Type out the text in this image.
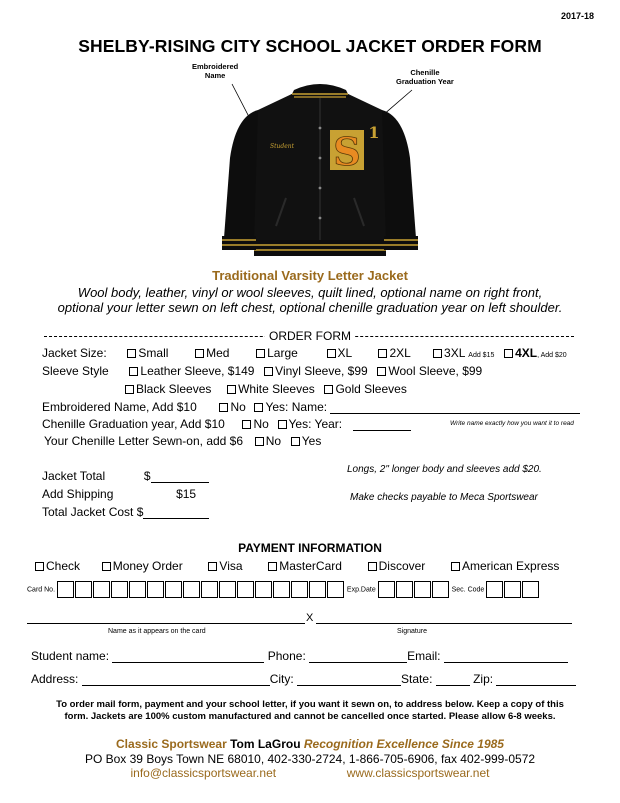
2017-18
SHELBY-RISING CITY SCHOOL JACKET ORDER FORM
Embroidered
Name	Chenille
Graduation Year
S
Student
1
Traditional Varsity Letter Jacket
Wool body, leather, vinyl or wool sleeves, quilt lined, optional name on right front,
optional your letter sewn on left chest, optional chenille graduation year on left shoulder.
ORDER FORM
Jacket Size:	Small	Med	Large	XL	2XL	3XL Add $15 4XL, Add $20
Sleeve Style	Leather Sleeve, $149 Vinyl Sleeve, $99 Wool Sleeve, $99
Black Sleeves White Sleeves Gold Sleeves
Embroidered Name, Add $10	No Yes: Name:
Chenille Graduation year, Add $10 No Yes: Year:	Write name exactly how you want it to read
Your Chenille Letter Sewn-on, add $6 No Yes
Jacket Total	$
Add Shipping	$15
Total Jacket Cost $
Longs, 2" longer body and sleeves add $20.
Make checks payable to Meca Sportswear
PAYMENT INFORMATION
Check	Money Order	Visa	MasterCard	Discover	American Express
Card No.	Exp.Date	Sec. Code
X
Name as it appears on the card	Signature
Student name:	Phone:	Email:
Address:	City:	State:	Zip:
To order mail form, payment and your school letter, if you want it sewn on, to address below. Keep a copy of this
form. Jackets are 100% custom manufactured and cannot be cancelled once started. Please allow 6-8 weeks.
Classic Sportswear Tom LaGrou Recognition Excellence Since 1985
PO Box 39 Boys Town NE 68010, 402-330-2724, 1-866-705-6906, fax 402-999-0572
info@classicsportswear.net	www.classicsportswear.net
